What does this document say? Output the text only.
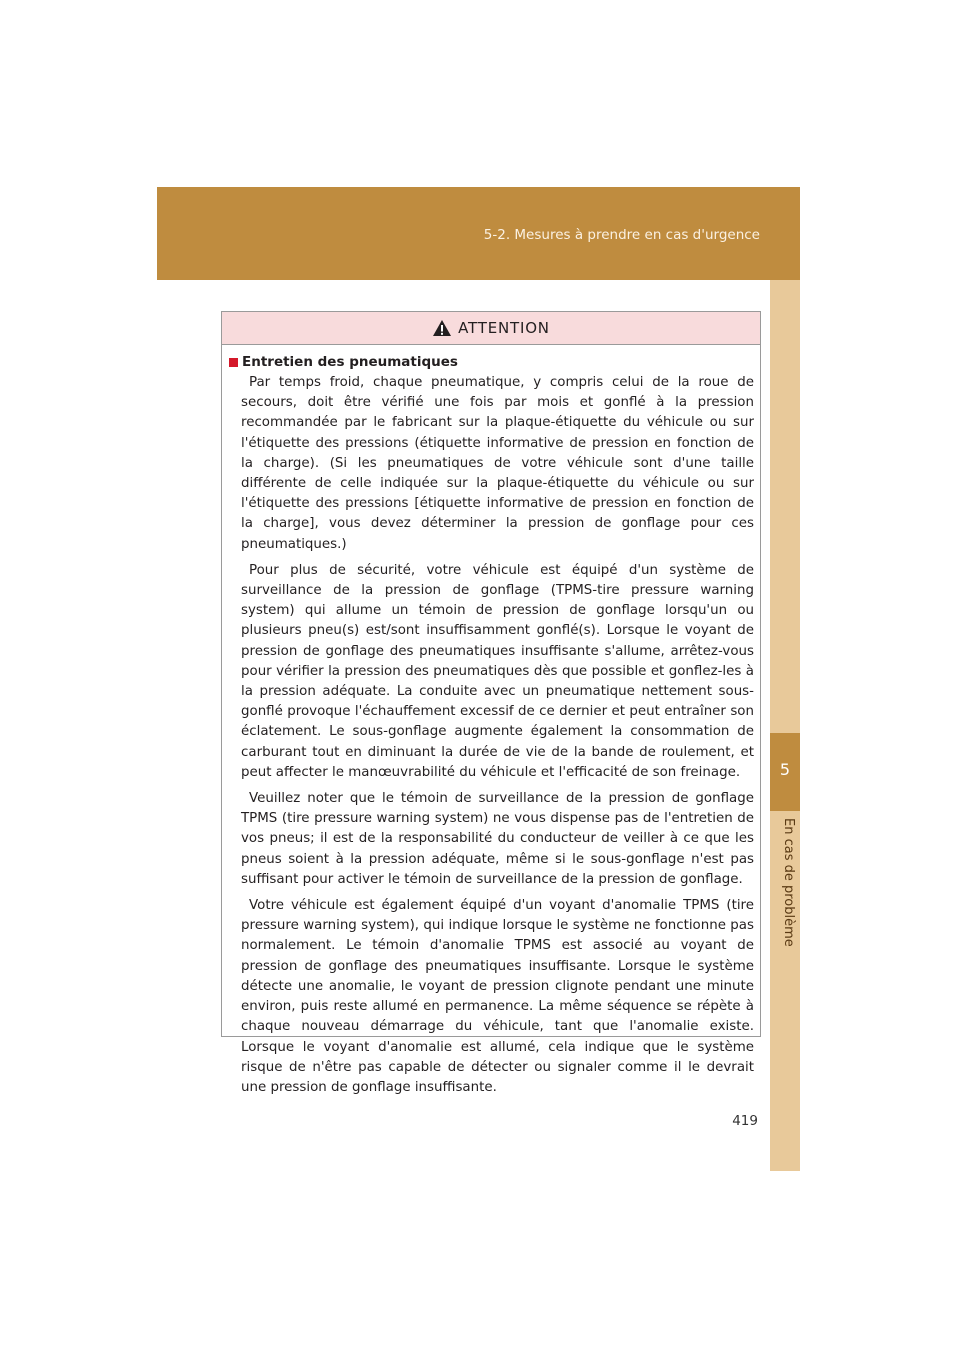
5-2. Mesures à prendre en cas d'urgence
5
En cas de problème
ATTENTION
Entretien des pneumatiques

Par temps froid, chaque pneumatique, y compris celui de la roue de secours, doit être vérifié une fois par mois et gonflé à la pression recommandée par le fabricant sur la plaque-étiquette du véhicule ou sur l'étiquette des pressions (étiquette informative de pression en fonction de la charge). (Si les pneumatiques de votre véhicule sont d'une taille différente de celle indiquée sur la plaque-étiquette du véhicule ou sur l'étiquette des pressions [étiquette informative de pression en fonction de la charge], vous devez déterminer la pression de gonflage pour ces pneumatiques.)

Pour plus de sécurité, votre véhicule est équipé d'un système de surveillance de la pression de gonflage (TPMS-tire pressure warning system) qui allume un témoin de pression de gonflage lorsqu'un ou plusieurs pneu(s) est/sont insuffisamment gonflé(s). Lorsque le voyant de pression de gonflage des pneumatiques insuffisante s'allume, arrêtez-vous pour vérifier la pression des pneumatiques dès que possible et gonflez-les à la pression adéquate. La conduite avec un pneumatique nettement sous-gonflé provoque l'échauffement excessif de ce dernier et peut entraîner son éclatement. Le sous-gonflage augmente également la consommation de carburant tout en diminuant la durée de vie de la bande de roulement, et peut affecter le manœuvrabilité du véhicule et l'efficacité de son freinage.

Veuillez noter que le témoin de surveillance de la pression de gonflage TPMS (tire pressure warning system) ne vous dispense pas de l'entretien de vos pneus; il est de la responsabilité du conducteur de veiller à ce que les pneus soient à la pression adéquate, même si le sous-gonflage n'est pas suffisant pour activer le témoin de surveillance de la pression de gonflage.

Votre véhicule est également équipé d'un voyant d'anomalie TPMS (tire pressure warning system), qui indique lorsque le système ne fonctionne pas normalement. Le témoin d'anomalie TPMS est associé au voyant de pression de gonflage des pneumatiques insuffisante. Lorsque le système détecte une anomalie, le voyant de pression clignote pendant une minute environ, puis reste allumé en permanence. La même séquence se répète à chaque nouveau démarrage du véhicule, tant que l'anomalie existe. Lorsque le voyant d'anomalie est allumé, cela indique que le système risque de n'être pas capable de détecter ou signaler comme il le devrait une pression de gonflage insuffisante.

419
